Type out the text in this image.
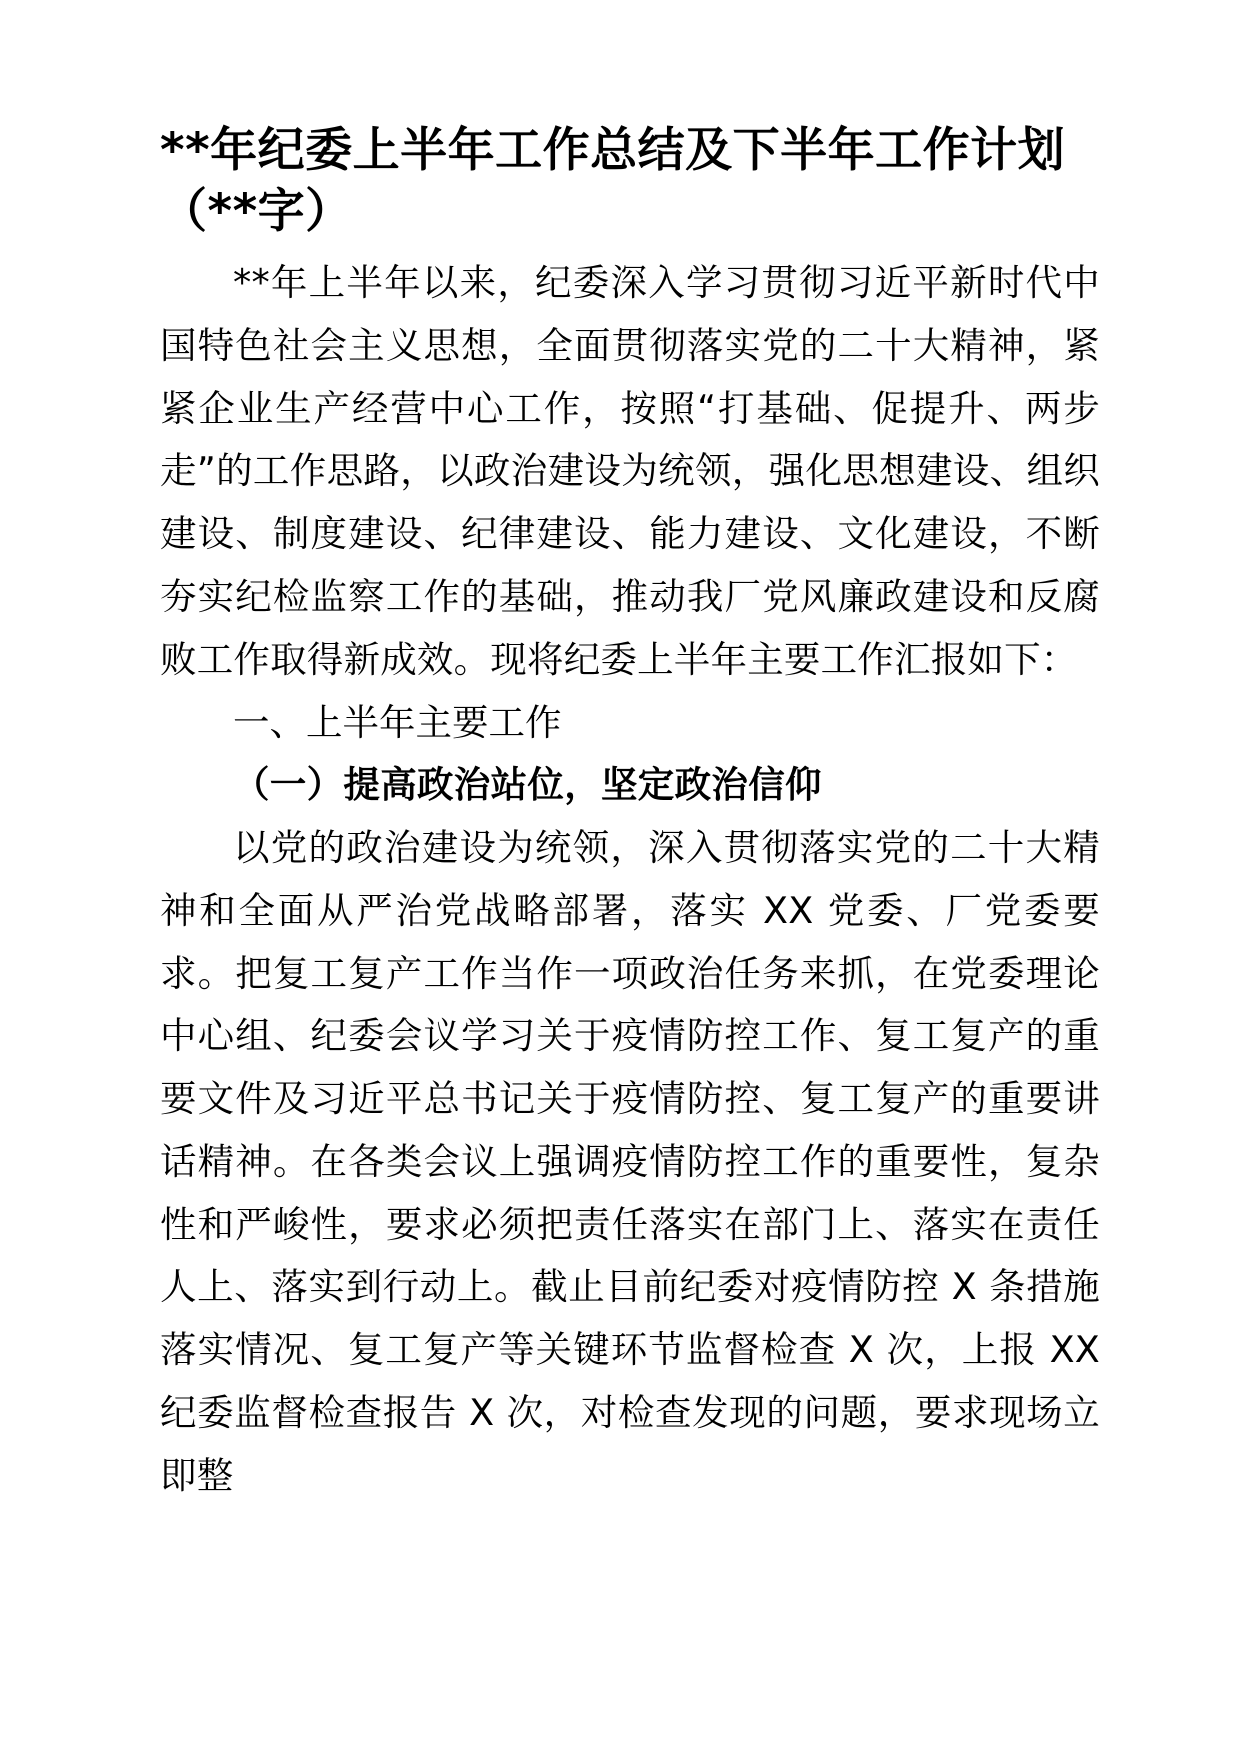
**年纪委上半年工作总结及下半年工作计划（**字）

**年上半年以来，纪委深入学习贯彻习近平新时代中国特色社会主义思想，全面贯彻落实党的二十大精神，紧紧企业生产经营中心工作，按照“打基础、促提升、两步走”的工作思路，以政治建设为统领，强化思想建设、组织建设、制度建设、纪律建设、能力建设、文化建设，不断夯实纪检监察工作的基础，推动我厂党风廉政建设和反腐败工作取得新成效。现将纪委上半年主要工作汇报如下：

一、上半年主要工作

（一）提高政治站位，坚定政治信仰

以党的政治建设为统领，深入贯彻落实党的二十大精神和全面从严治党战略部署，落实 XX 党委、厂党委要求。把复工复产工作当作一项政治任务来抓，在党委理论中心组、纪委会议学习关于疫情防控工作、复工复产的重要文件及习近平总书记关于疫情防控、复工复产的重要讲话精神。在各类会议上强调疫情防控工作的重要性，复杂性和严峻性，要求必须把责任落实在部门上、落实在责任人上、落实到行动上。截止目前纪委对疫情防控 X 条措施落实情况、复工复产等关键环节监督检查 X 次，上报 XX 纪委监督检查报告 X 次，对检查发现的问题，要求现场立即整
